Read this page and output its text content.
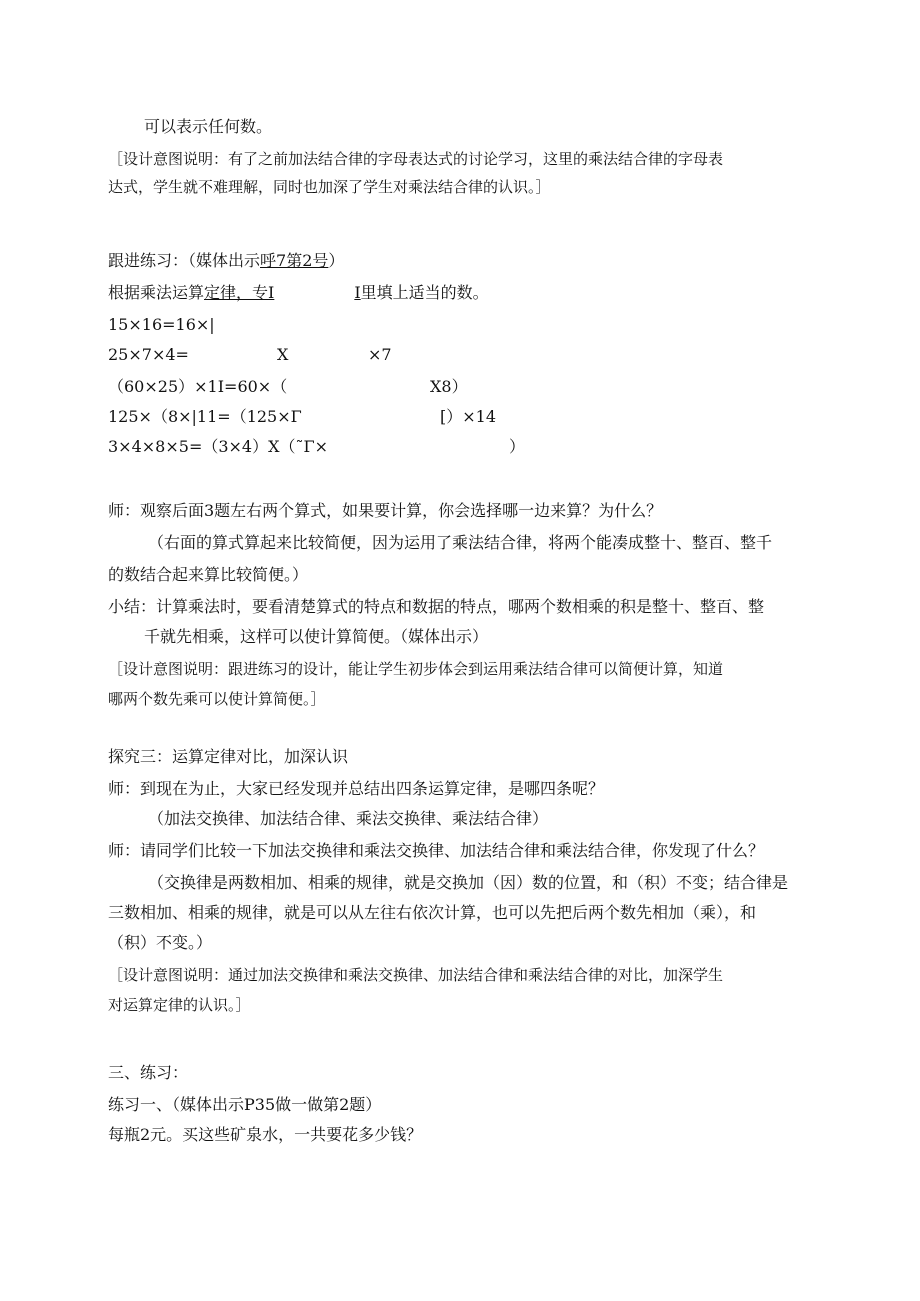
可以表示任何数。
［设计意图说明：有了之前加法结合律的字母表达式的讨论学习，这里的乘法结合律的字母表
达式，学生就不难理解，同时也加深了学生对乘法结合律的认识。］
跟进练习：（媒体出示呼7第2号）
根据乘法运算定律，专I	I里填上适当的数。
15×16=16×|
25×7×4=	X	×7
（60×25）×1I=60×（	X8）
125×（8×|11=（125×Γ	[）×14
3×4×8×5=（3×4）X（˜Γ×	）
师：观察后面3题左右两个算式，如果要计算，你会选择哪一边来算？为什么？
（右面的算式算起来比较简便，因为运用了乘法结合律，将两个能凑成整十、整百、整千
的数结合起来算比较简便。）
小结：计算乘法时，要看清楚算式的特点和数据的特点，哪两个数相乘的积是整十、整百、整
千就先相乘，这样可以使计算简便。（媒体出示）
［设计意图说明：跟进练习的设计，能让学生初步体会到运用乘法结合律可以简便计算，知道
哪两个数先乘可以使计算简便。］
探究三：运算定律对比，加深认识
师：到现在为止，大家已经发现并总结出四条运算定律，是哪四条呢？
（加法交换律、加法结合律、乘法交换律、乘法结合律）
师：请同学们比较一下加法交换律和乘法交换律、加法结合律和乘法结合律，你发现了什么？
（交换律是两数相加、相乘的规律，就是交换加（因）数的位置，和（积）不变；结合律是
三数相加、相乘的规律，就是可以从左往右依次计算，也可以先把后两个数先相加（乘），和
（积）不变。）
［设计意图说明：通过加法交换律和乘法交换律、加法结合律和乘法结合律的对比，加深学生
对运算定律的认识。］
三、练习：
练习一、（媒体出示P35做一做第2题）
每瓶2元。买这些矿泉水，一共要花多少钱？
